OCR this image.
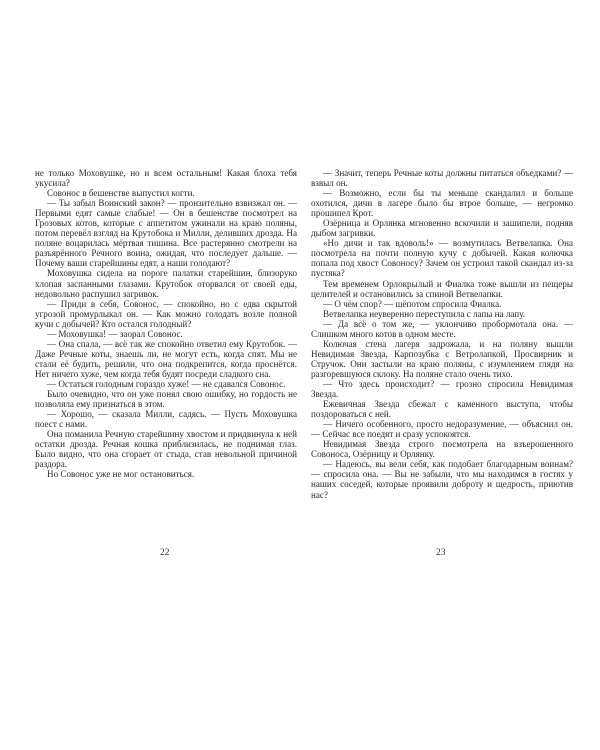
не только Моховушке, но и всем остальным! Какая блоха тебя укусила?

Совонос в бешенстве выпустил когти.

— Ты забыл Воинский закон? — пронзительно взвизжал он. — Первыми едят самые слабые! — Он в бешенстве посмотрел на Грозовых котов, которые с аппетитом ужинали на краю поляны, потом перевёл взгляд на Крутобока и Милли, деливших дрозда. На поляне воцарилась мёртвая тишина. Все растерянно смотрели на разъярённого Речного воина, ожидая, что последует дальше. — Почему ваши старейшины едят, а наши голодают?

Моховушка сидела на пороге палатки старейшин, близоруко хлопая заспанными глазами. Крутобок оторвался от своей еды, недовольно распушил загривок.

— Приди в себя, Совонос, — спокойно, но с едва скрытой угрозой промурлыкал он. — Как можно голодать возле полной кучи с добычей? Кто остался голодный?

— Моховушка! — заорал Совонос.

— Она спала, — всё так же спокойно ответил ему Крутобок. — Даже Речные коты, знаешь ли, не могут есть, когда спят. Мы не стали её будить, решили, что она подкрепится, когда проснётся. Нет ничего хуже, чем когда тебя будят посреди сладкого сна.

— Остаться голодным гораздо хуже! — не сдавался Совонос.

Было очевидно, что он уже понял свою ошибку, но гордость не позволяла ему признаться в этом.

— Хорошо, — сказала Милли, садясь. — Пусть Моховушка поест с нами.

Она поманила Речную старейшину хвостом и придвинула к ней остатки дрозда. Речная кошка приблизилась, не поднимая глаз. Было видно, что она сгорает от стыда, став невольной причиной раздора.

Но Совонос уже не мог остановиться.

22

— Значит, теперь Речные коты должны питаться объедками? — взвыл он.

— Возможно, если бы ты меньше скандалил и больше охотился, дичи в лагере было бы втрое больше, — негромко прошипел Крот.

Озёрница и Орлянка мгновенно вскочили и зашипели, подняв дыбом загривки.

«Но дичи и так вдоволь!» — возмутилась Ветвелапка. Она посмотрела на почти полную кучу с добычей. Какая колючка попала под хвост Совоносу? Зачем он устроил такой скандал из-за пустяка?

Тем временем Орлокрылый и Фиалка тоже вышли из пещеры целителей и остановились за спиной Ветвелапки.

— О чём спор? — шёпотом спросила Фиалка.

Ветвелапка неуверенно переступила с лапы на лапу.

— Да всё о том же, — уклончиво пробормотала она. — Слишком много котов в одном месте.

Колючая стена лагеря задрожала, и на поляну вышли Невидимая Звезда, Карпозубка с Ветролапкой, Просвирник и Стручок. Они застыли на краю поляны, с изумлением глядя на разгоревшуюся склоку. На поляне стало очень тихо.

— Что здесь происходит? — грозно спросила Невидимая Звезда.

Ежевичная Звезда сбежал с каменного выступа, чтобы поздороваться с ней.

— Ничего особенного, просто недоразумение, — объяснил он. — Сейчас все поедят и сразу успокоятся.

Невидимая Звезда строго посмотрела на взъерошенного Совоноса, Озёрницу и Орлянку.

— Надеюсь, вы вели себя, как подобает благодарным воинам? — спросила она. — Вы не забыли, что мы находимся в гостях у наших соседей, которые проявили доброту и щедрость, приютив нас?

23
